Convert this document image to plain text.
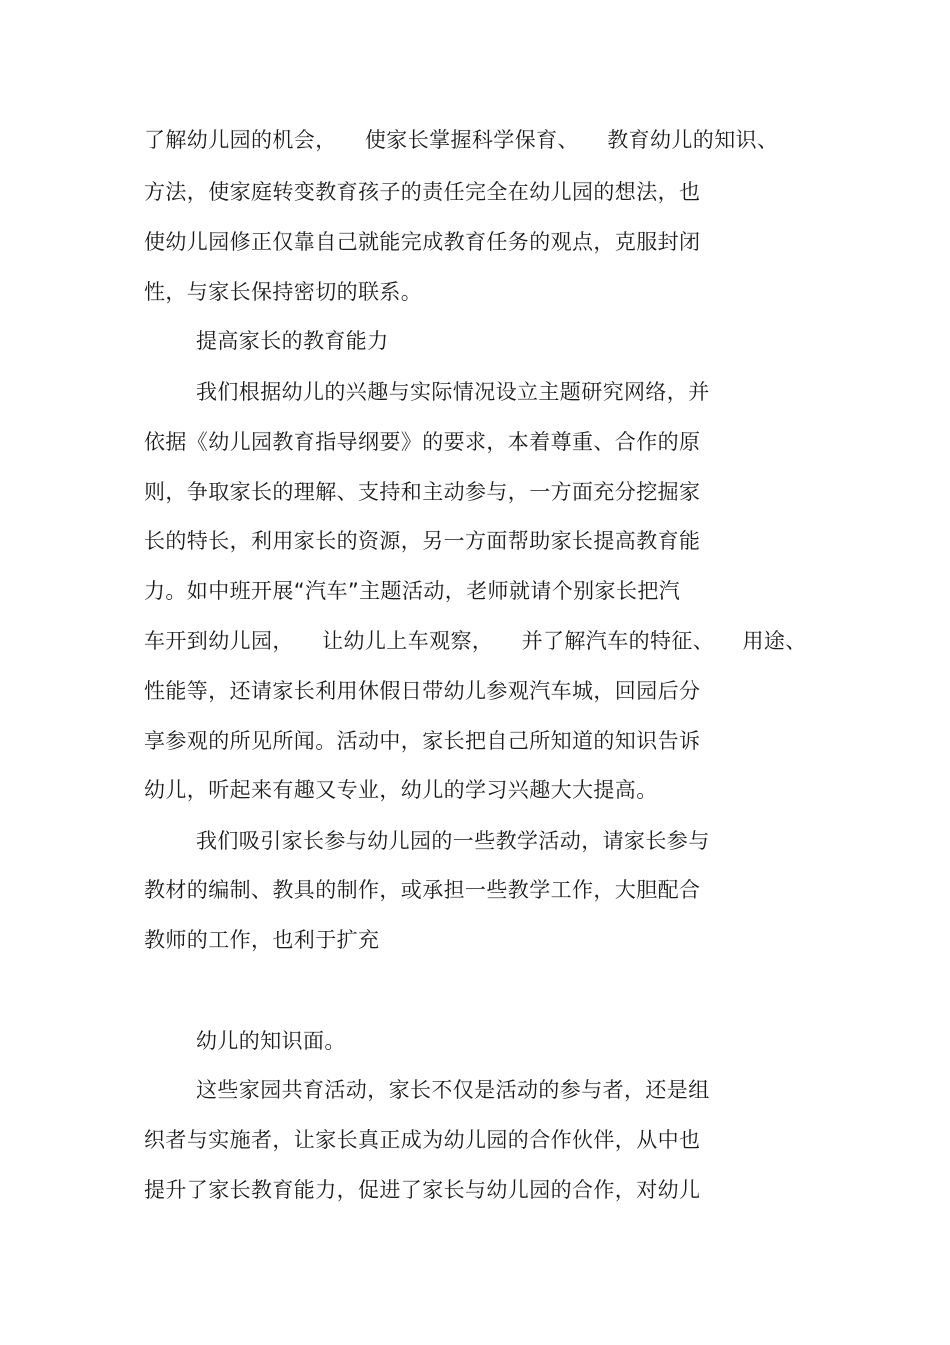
了解幼儿园的机会，    使家长掌握科学保育、    教育幼儿的知识、
方法，使家庭转变教育孩子的责任完全在幼儿园的想法，也
使幼儿园修正仅靠自己就能完成教育任务的观点，克服封闭
性，与家长保持密切的联系。
提高家长的教育能力
我们根据幼儿的兴趣与实际情况设立主题研究网络，并
依据《幼儿园教育指导纲要》的要求，本着尊重、合作的原
则，争取家长的理解、支持和主动参与，一方面充分挖掘家
长的特长，利用家长的资源，另一方面帮助家长提高教育能
力。如中班开展“汽车”主题活动，老师就请个别家长把汽
车开到幼儿园，    让幼儿上车观察，    并了解汽车的特征、    用途、
性能等，还请家长利用休假日带幼儿参观汽车城，回园后分
享参观的所见所闻。活动中，家长把自己所知道的知识告诉
幼儿，听起来有趣又专业，幼儿的学习兴趣大大提高。
我们吸引家长参与幼儿园的一些教学活动，请家长参与
教材的编制、教具的制作，或承担一些教学工作，大胆配合
教师的工作，也利于扩充
幼儿的知识面。
这些家园共育活动，家长不仅是活动的参与者，还是组
织者与实施者，让家长真正成为幼儿园的合作伙伴，从中也
提升了家长教育能力，促进了家长与幼儿园的合作，对幼儿
